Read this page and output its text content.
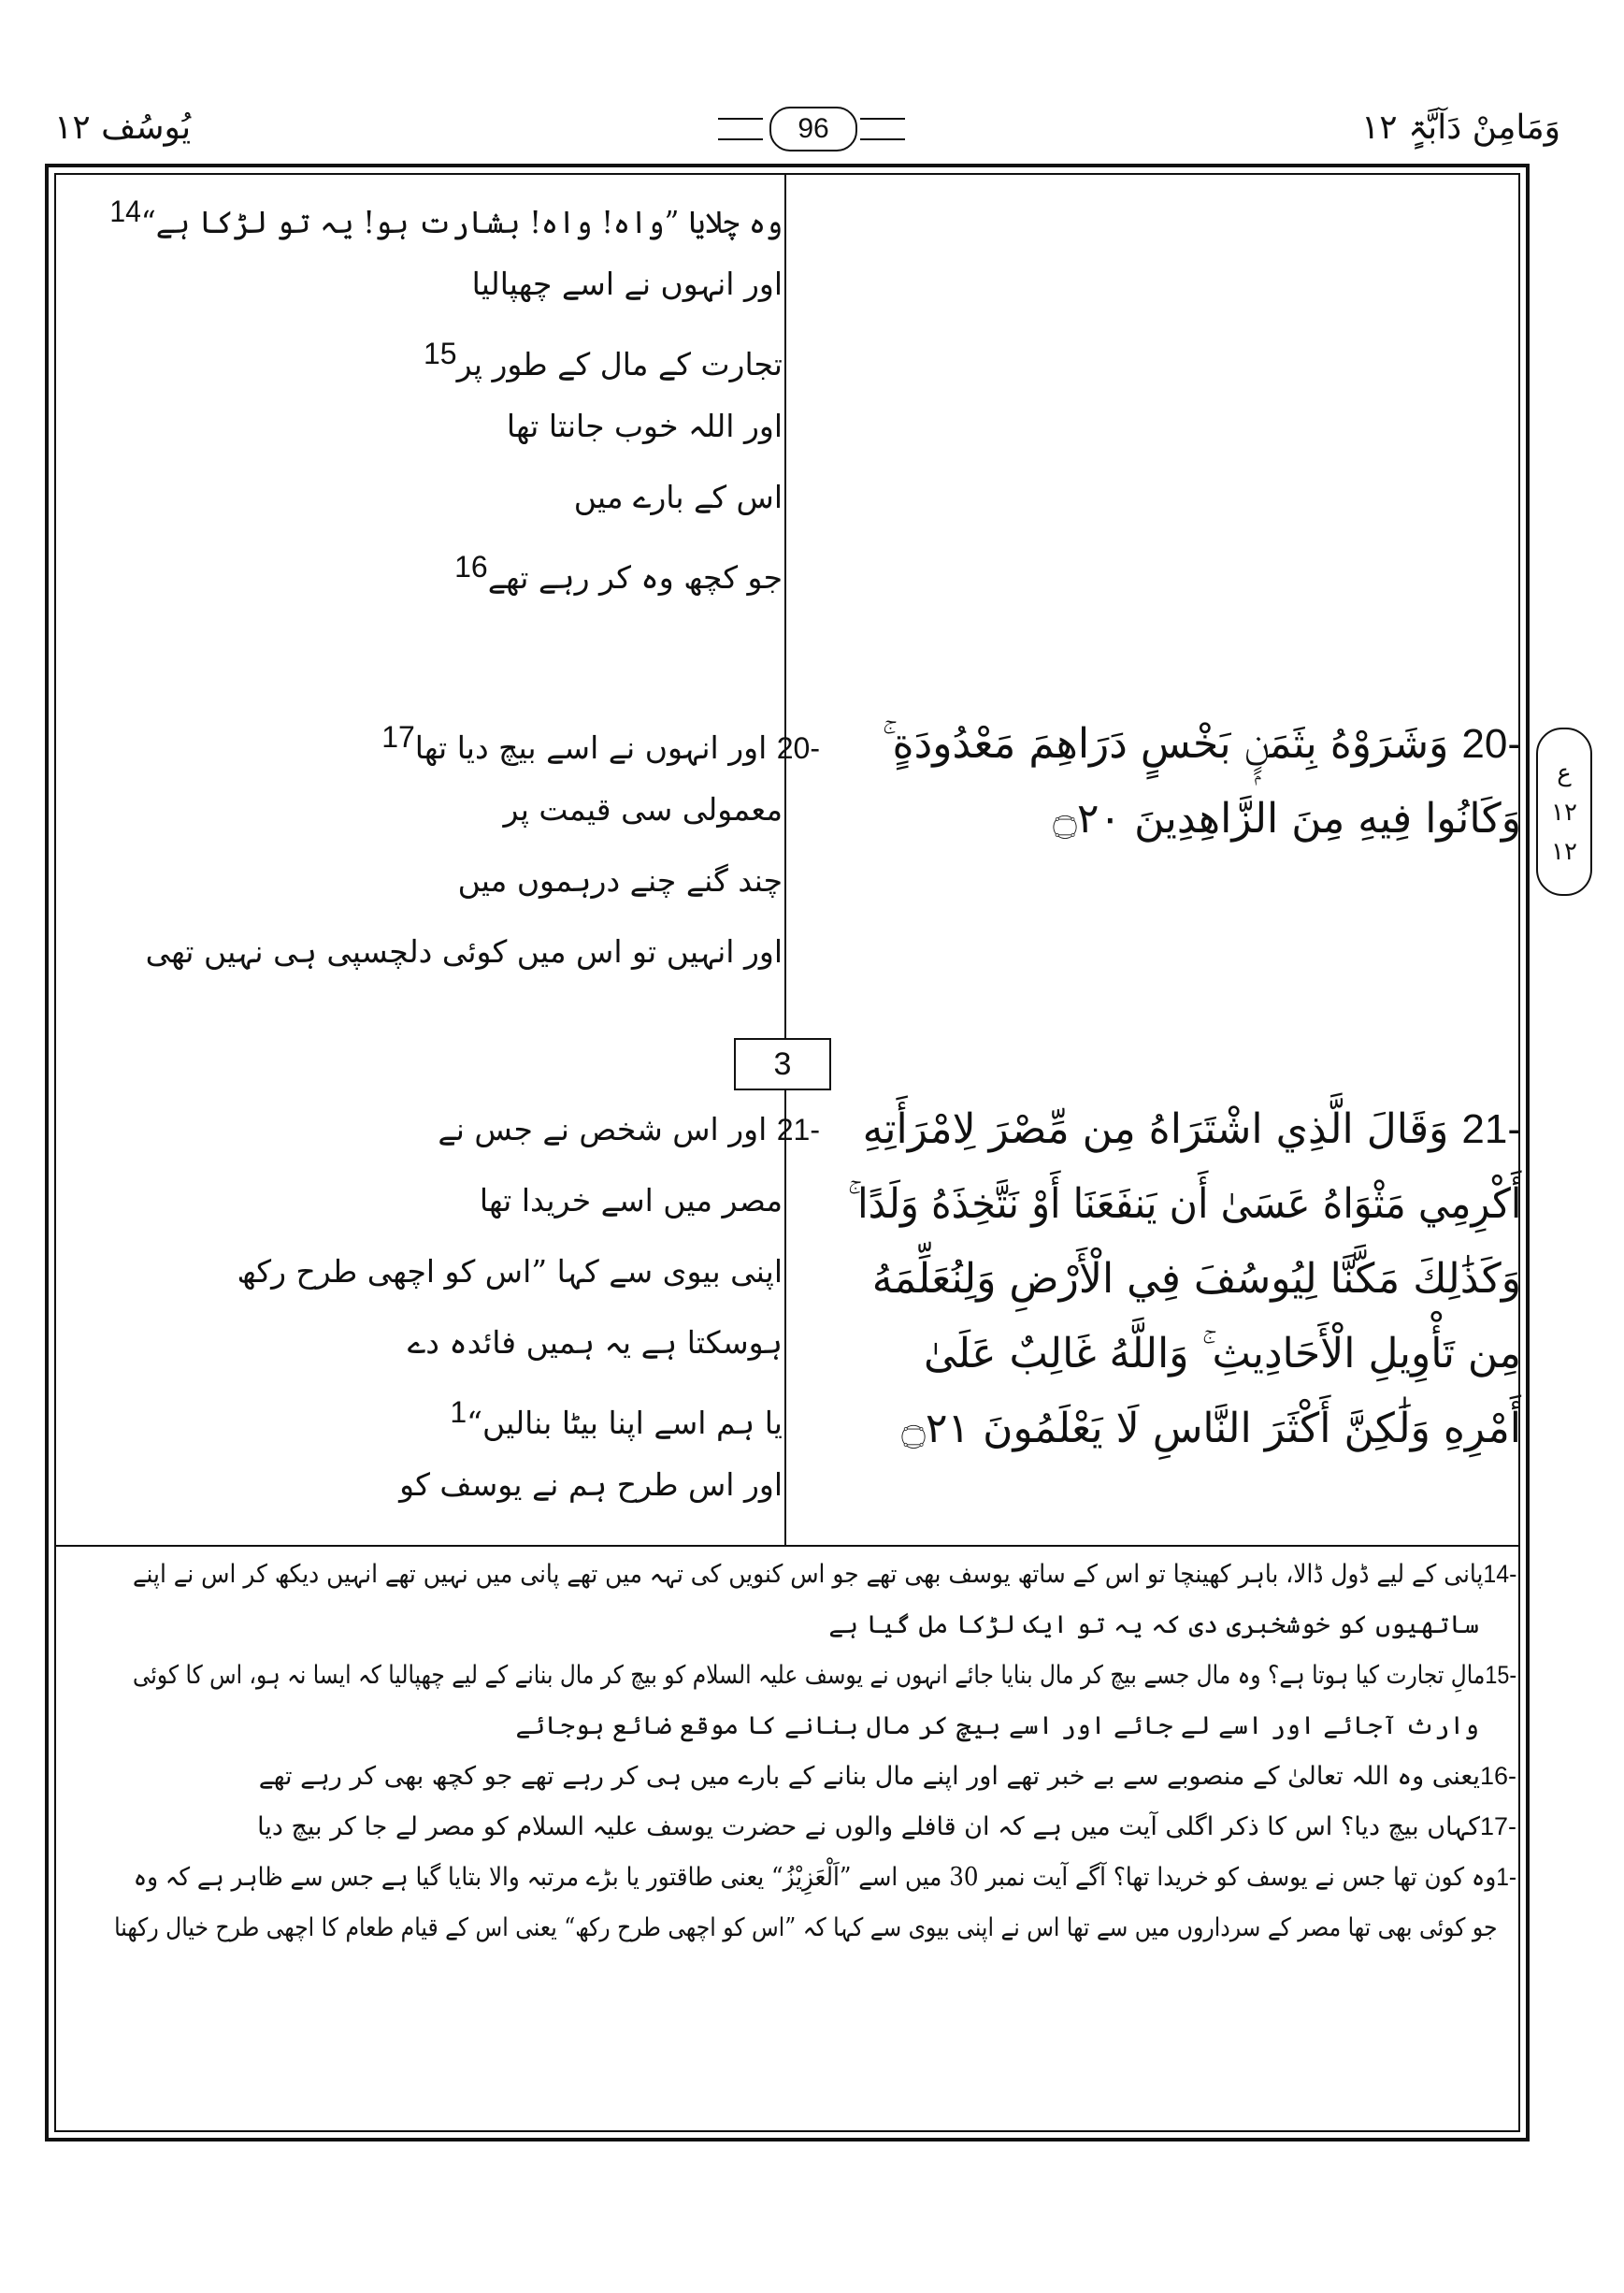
وَمَامِنْ دَآبَّۃٍ ۱۲
96
یُوسُف ۱۲
ع
۱۲
۱۲
20- وَشَرَوْهُ بِثَمَنٍۭ بَخْسٍ دَرَاهِمَ مَعْدُودَةٍ ۚ
وَكَانُوا فِيهِ مِنَ الزَّاهِدِينَ ۝٢٠
وہ چلایا ”واہ! واہ! بشارت ہو! یہ تو لڑکا ہے“$^{14}$
اور انہوں نے اسے چھپالیا
تجارت کے مال کے طور پر$^{15}$
اور اللہ خوب جانتا تھا
اس کے بارے میں
جو کچھ وہ کر رہے تھے$^{16}$
20- اور انہوں نے اسے بیچ دیا تھا$^{17}$
معمولی سی قیمت پر
چند گنے چنے درہموں میں
اور انہیں تو اس میں کوئی دلچسپی ہی نہیں تھی
3
21- وَقَالَ الَّذِي اشْتَرَاهُ مِن مِّصْرَ لِامْرَأَتِهِ
أَكْرِمِي مَثْوَاهُ عَسَىٰ أَن يَنفَعَنَا أَوْ نَتَّخِذَهُ وَلَدًا ۚ
وَكَذَٰلِكَ مَكَّنَّا لِيُوسُفَ فِي الْأَرْضِ وَلِنُعَلِّمَهُ
مِن تَأْوِيلِ الْأَحَادِيثِ ۚ وَاللَّهُ غَالِبٌ عَلَىٰ
أَمْرِهِ وَلَٰكِنَّ أَكْثَرَ النَّاسِ لَا يَعْلَمُونَ ۝٢١
21- اور اس شخص نے جس نے
مصر میں اسے خریدا تھا
اپنی بیوی سے کہا ”اس کو اچھی طرح رکھ
ہوسکتا ہے یہ ہمیں فائدہ دے
یا ہم اسے اپنا بیٹا بنالیں“$^1$
اور اس طرح ہم نے یوسف کو
14-پانی کے لیے ڈول ڈالا، باہر کھینچا تو اس کے ساتھ یوسف بھی تھے جو اس کنویں کی تہہ میں تھے پانی میں نہیں تھے انہیں دیکھ کر اس نے اپنے
ساتھیوں کو خوشخبری دی کہ یہ تو ایک لڑکا مل گیا ہے
15-مالِ تجارت کیا ہوتا ہے؟ وہ مال جسے بیچ کر مال بنایا جائے انہوں نے یوسف علیہ السلام کو بیچ کر مال بنانے کے لیے چھپالیا کہ ایسا نہ ہو، اس کا کوئی
وارث آجائے اور اسے لے جائے اور اسے بیچ کر مال بنانے کا موقع ضائع ہوجائے
16-یعنی وہ اللہ تعالیٰ کے منصوبے سے بے خبر تھے اور اپنے مال بنانے کے بارے میں ہی کر رہے تھے جو کچھ بھی کر رہے تھے
17-کہاں بیچ دیا؟ اس کا ذکر اگلی آیت میں ہے کہ ان قافلے والوں نے حضرت یوسف علیہ السلام کو مصر لے جا کر بیچ دیا
1-وہ کون تھا جس نے یوسف کو خریدا تھا؟ آگے آیت نمبر 30 میں اسے ”اَلْعَزِیْزُ“ یعنی طاقتور یا بڑے مرتبہ والا بتایا گیا ہے جس سے ظاہر ہے کہ وہ
جو کوئی بھی تھا مصر کے سرداروں میں سے تھا اس نے اپنی بیوی سے کہا کہ ”اس کو اچھی طرح رکھ“ یعنی اس کے قیام طعام کا اچھی طرح خیال رکھنا
